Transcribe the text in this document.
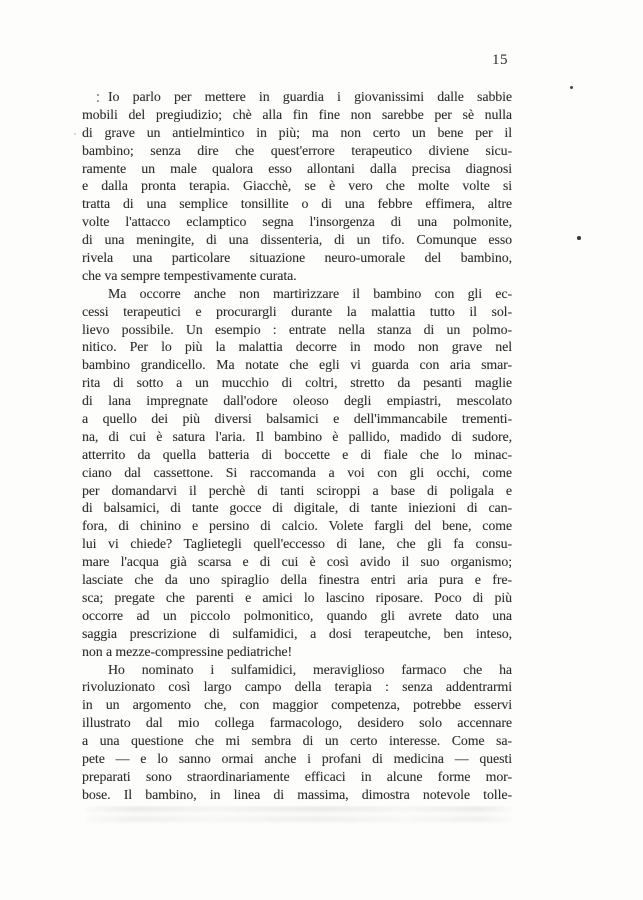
15
Io parlo per mettere in guardia i giovanissimi dalle sabbie
mobili del pregiudizio; chè alla fin fine non sarebbe per sè nulla
di grave un antielmintico in più; ma non certo un bene per il
bambino; senza dire che quest'errore terapeutico diviene sicu-
ramente un male qualora esso allontani dalla precisa diagnosi
e dalla pronta terapia. Giacchè, se è vero che molte volte si
tratta di una semplice tonsillite o di una febbre effimera, altre
volte l'attacco eclamptico segna l'insorgenza di una polmonite,
di una meningite, di una dissenteria, di un tifo. Comunque esso
rivela una particolare situazione neuro-umorale del bambino,
che va sempre tempestivamente curata.
Ma occorre anche non martirizzare il bambino con gli ec-
cessi terapeutici e procurargli durante la malattia tutto il sol-
lievo possibile. Un esempio : entrate nella stanza di un polmo-
nitico. Per lo più la malattia decorre in modo non grave nel
bambino grandicello. Ma notate che egli vi guarda con aria smar-
rita di sotto a un mucchio di coltri, stretto da pesanti maglie
di lana impregnate dall'odore oleoso degli empiastri, mescolato
a quello dei più diversi balsamici e dell'immancabile trementi-
na, di cui è satura l'aria. Il bambino è pallido, madido di sudore,
atterrito da quella batteria di boccette e di fiale che lo minac-
ciano dal cassettone. Si raccomanda a voi con gli occhi, come
per domandarvi il perchè di tanti sciroppi a base di poligala e
di balsamici, di tante gocce di digitale, di tante iniezioni di can-
fora, di chinino e persino di calcio. Volete fargli del bene, come
lui vi chiede? Taglietegli quell'eccesso di lane, che gli fa consu-
mare l'acqua già scarsa e di cui è così avido il suo organismo;
lasciate che da uno spiraglio della finestra entri aria pura e fre-
sca; pregate che parenti e amici lo lascino riposare. Poco di più
occorre ad un piccolo polmonitico, quando gli avrete dato una
saggia prescrizione di sulfamidici, a dosi terapeutche, ben inteso,
non a mezze-compressine pediatriche!
Ho nominato i sulfamidici, meraviglioso farmaco che ha
rivoluzionato così largo campo della terapia : senza addentrarmi
in un argomento che, con maggior competenza, potrebbe esservi
illustrato dal mio collega farmacologo, desidero solo accennare
a una questione che mi sembra di un certo interesse. Come sa-
pete — e lo sanno ormai anche i profani di medicina — questi
preparati sono straordinariamente efficaci in alcune forme mor-
bose. Il bambino, in linea di massima, dimostra notevole tolle-
